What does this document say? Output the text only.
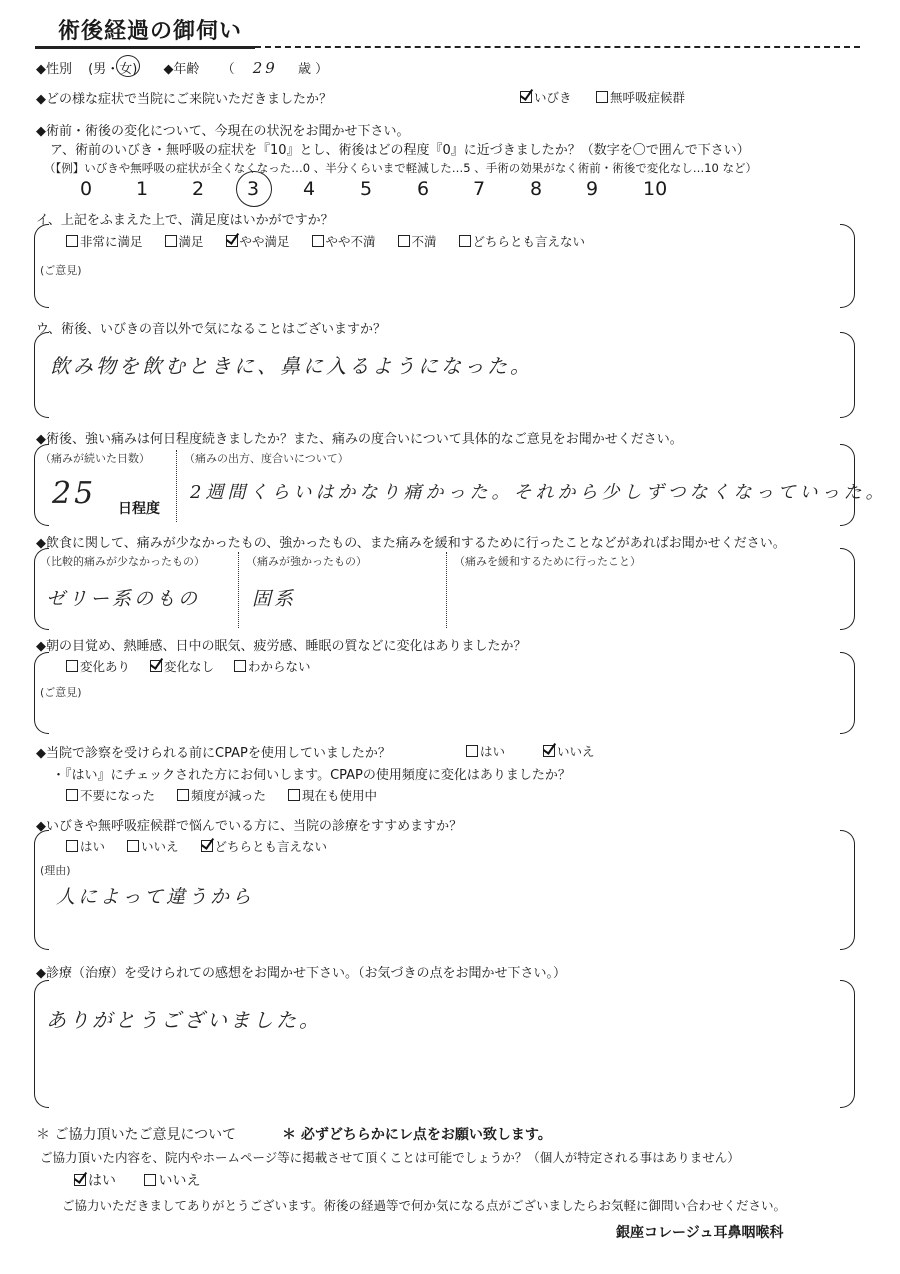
術後経過の御伺い
◆性別 (男・女) ◆年齢 （ 29 歳 ）
◆どの様な症状で当院にご来院いただきましたか？	いびき	無呼吸症候群
◆術前・術後の変化について、今現在の状況をお聞かせ下さい。
ア、術前のいびき・無呼吸の症状を『10』とし、術後はどの程度『0』に近づきましたか？（数字を〇で囲んで下さい）
（【例】いびきや無呼吸の症状が全くなくなった…0 、半分くらいまで軽減した…5 、手術の効果がなく術前・術後で変化なし…10 など）
0 1 2 3 4 5 6 7 8 9 10
イ、上記をふまえた上で、満足度はいかがですか？
非常に満足	満足	やや満足	やや不満	不満	どちらとも言えない
(ご意見)
ウ、術後、いびきの音以外で気になることはございますか？
飲み物を飲むときに、鼻に入るようになった。
◆術後、強い痛みは何日程度続きましたか？また、痛みの度合いについて具体的なご意見をお聞かせください。
（痛みが続いた日数）
25 日程度
（痛みの出方、度合いについて）
2週間くらいはかなり痛かった。それから少しずつなくなっていった。
◆飲食に関して、痛みが少なかったもの、強かったもの、また痛みを緩和するために行ったことなどがあればお聞かせください。
（比較的痛みが少なかったもの）
ゼリー系のもの
（痛みが強かったもの）
固系
（痛みを緩和するために行ったこと）
◆朝の目覚め、熱睡感、日中の眠気、疲労感、睡眠の質などに変化はありましたか？
変化あり	変化なし	わからない
(ご意見)
◆当院で診察を受けられる前にCPAPを使用していましたか？	はい	いいえ
・『はい』にチェックされた方にお伺いします。CPAPの使用頻度に変化はありましたか？
不要になった	頻度が減った	現在も使用中
◆いびきや無呼吸症候群で悩んでいる方に、当院の診療をすすめますか？
はい	いいえ	どちらとも言えない
(理由)
人によって違うから
◆診療（治療）を受けられての感想をお聞かせ下さい。（お気づきの点をお聞かせ下さい。）
ありがとうございました。
＊ ご協力頂いたご意見について	＊ 必ずどちらかにレ点をお願い致します。
ご協力頂いた内容を、院内やホームページ等に掲載させて頂くことは可能でしょうか？（個人が特定される事はありません）
はい	いいえ
ご協力いただきましてありがとうございます。術後の経過等で何か気になる点がございましたらお気軽に御問い合わせください。
銀座コレージュ耳鼻咽喉科
